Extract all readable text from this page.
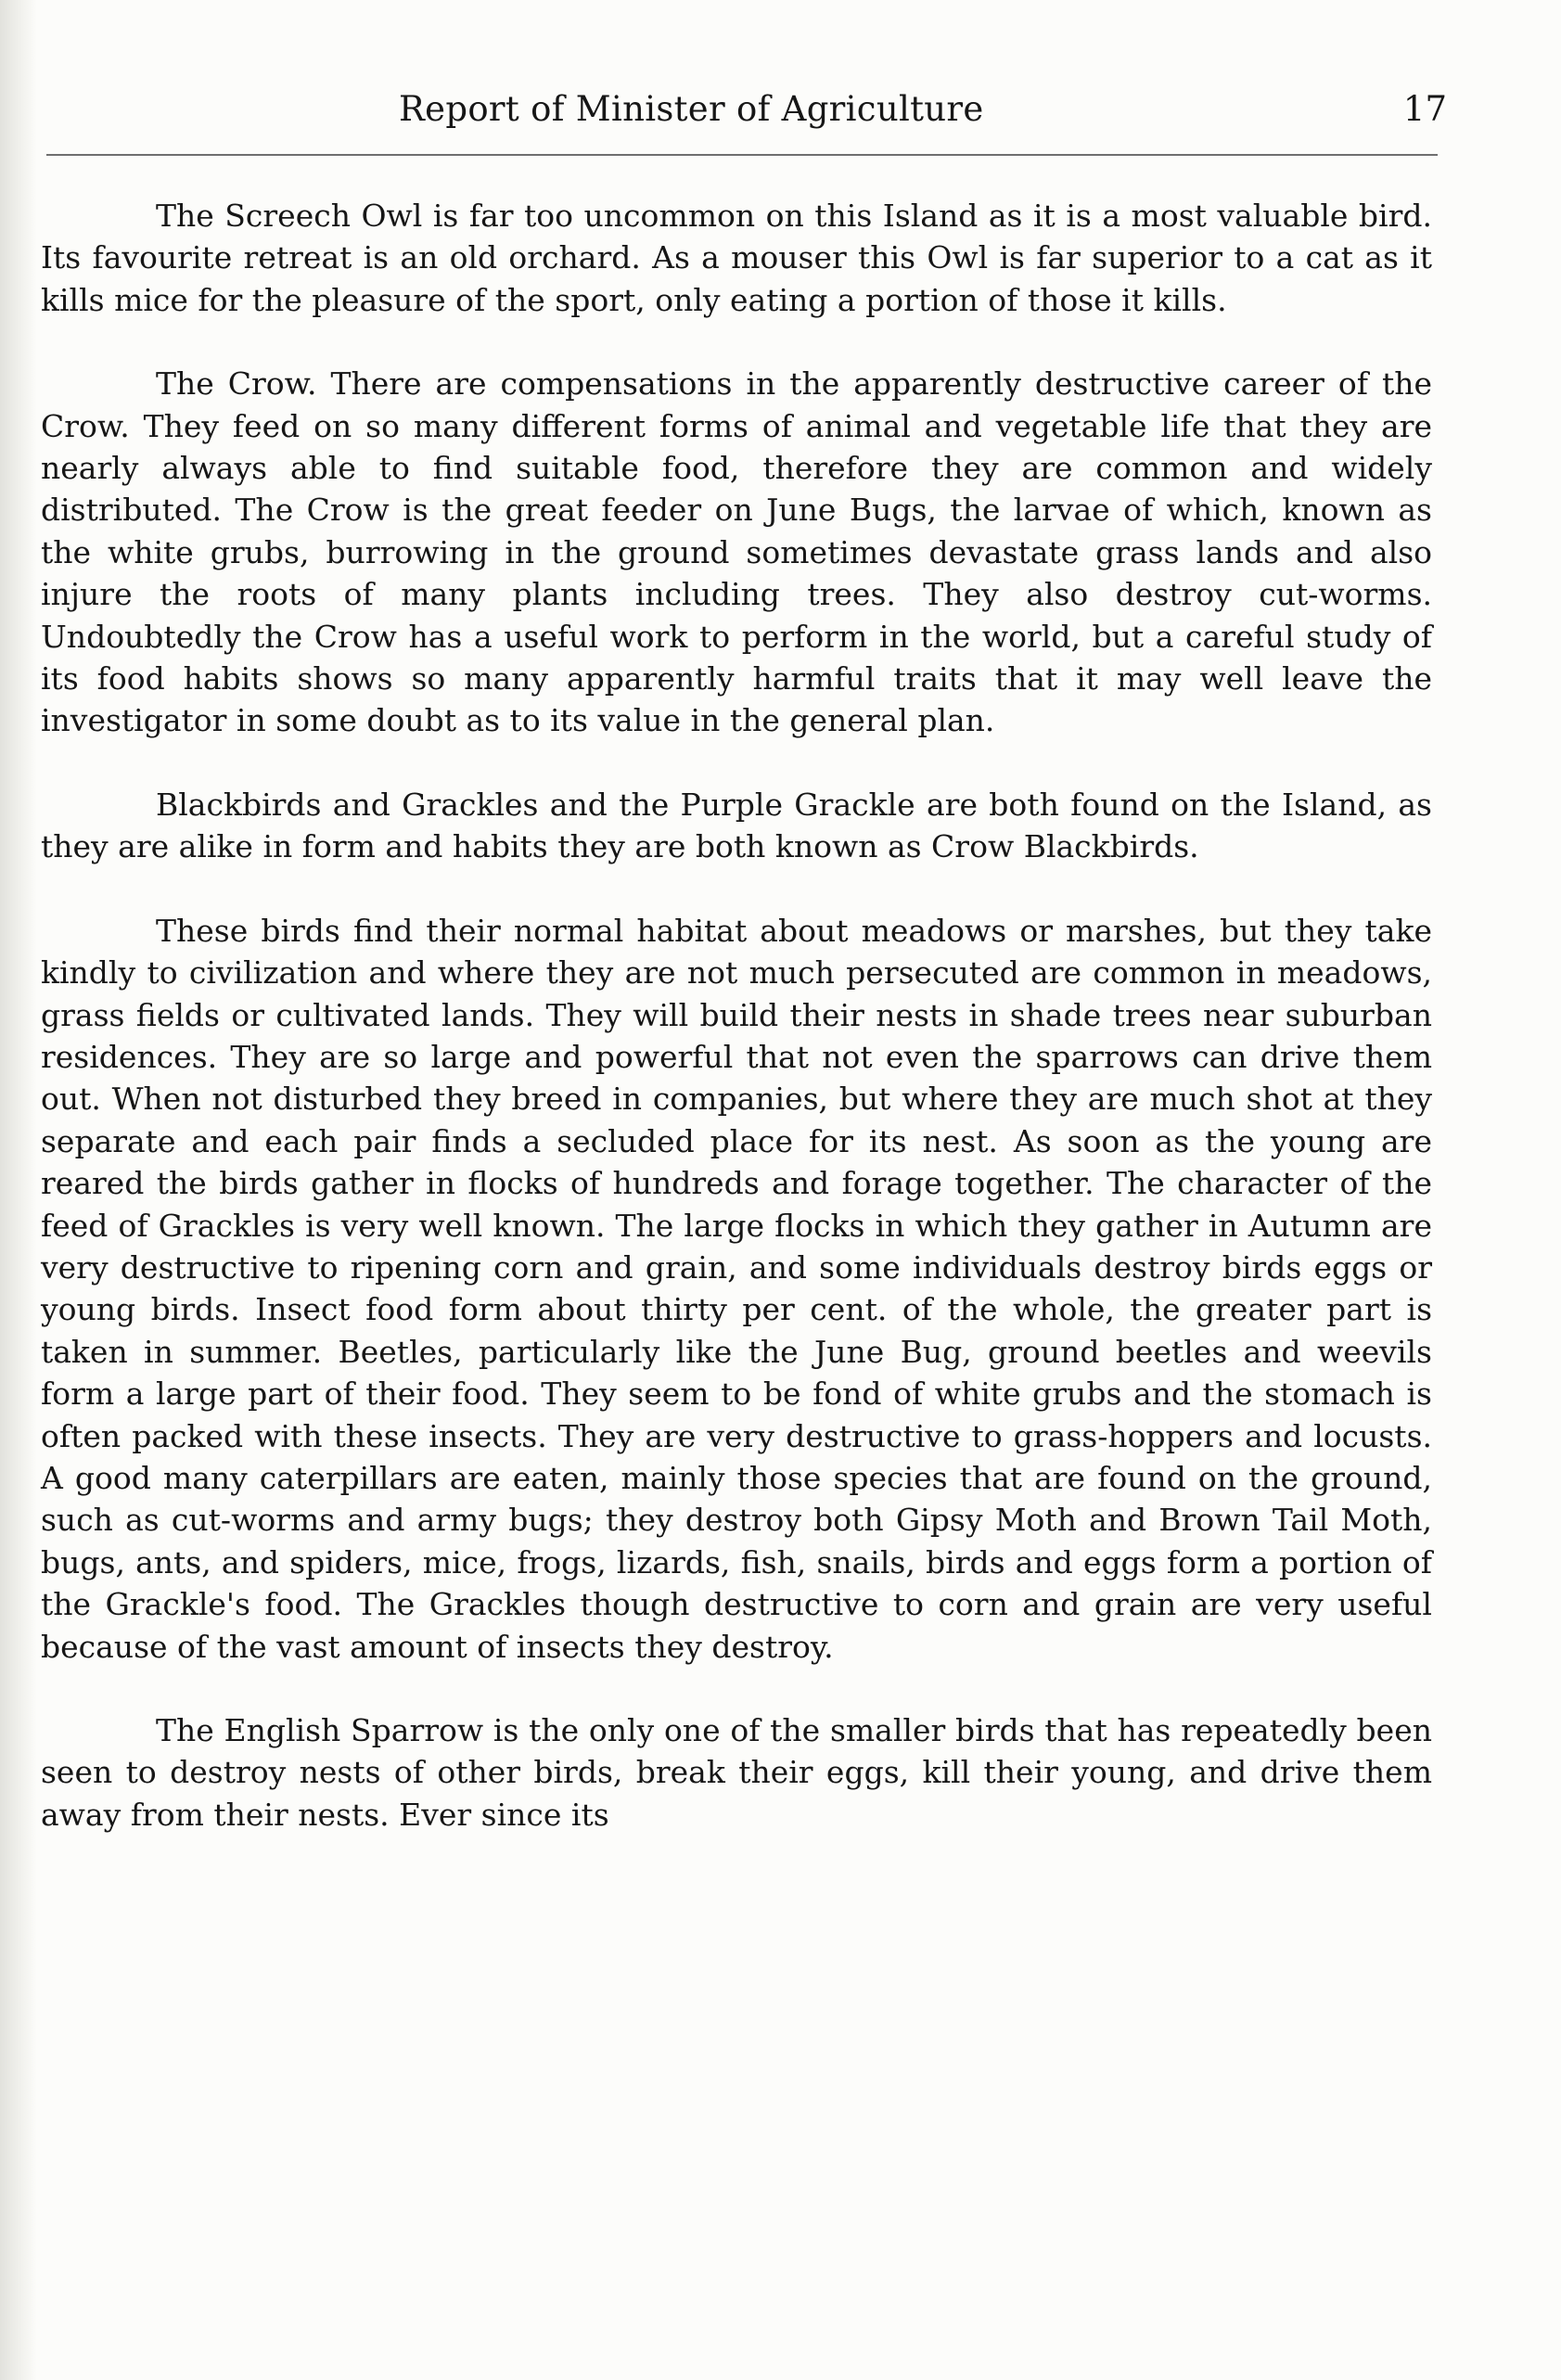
Report of Minister of Agriculture	17

The Screech Owl is far too uncommon on this Island as it is a most valuable bird. Its favourite retreat is an old orchard. As a mouser this Owl is far superior to a cat as it kills mice for the pleasure of the sport, only eating a portion of those it kills.

The Crow. There are compensations in the apparently destructive career of the Crow. They feed on so many different forms of animal and vegetable life that they are nearly always able to find suitable food, therefore they are common and widely distributed. The Crow is the great feeder on June Bugs, the larvae of which, known as the white grubs, burrowing in the ground sometimes devastate grass lands and also injure the roots of many plants including trees. They also destroy cut-worms. Undoubtedly the Crow has a useful work to perform in the world, but a careful study of its food habits shows so many apparently harmful traits that it may well leave the investigator in some doubt as to its value in the general plan.

Blackbirds and Grackles and the Purple Grackle are both found on the Island, as they are alike in form and habits they are both known as Crow Blackbirds.

These birds find their normal habitat about meadows or marshes, but they take kindly to civilization and where they are not much persecuted are common in meadows, grass fields or cultivated lands. They will build their nests in shade trees near suburban residences. They are so large and powerful that not even the sparrows can drive them out. When not disturbed they breed in companies, but where they are much shot at they separate and each pair finds a secluded place for its nest. As soon as the young are reared the birds gather in flocks of hundreds and forage together. The character of the feed of Grackles is very well known. The large flocks in which they gather in Autumn are very destructive to ripening corn and grain, and some individuals destroy birds eggs or young birds. Insect food form about thirty per cent. of the whole, the greater part is taken in summer. Beetles, particularly like the June Bug, ground beetles and weevils form a large part of their food. They seem to be fond of white grubs and the stomach is often packed with these insects. They are very destructive to grass-hoppers and locusts. A good many caterpillars are eaten, mainly those species that are found on the ground, such as cut-worms and army bugs; they destroy both Gipsy Moth and Brown Tail Moth, bugs, ants, and spiders, mice, frogs, lizards, fish, snails, birds and eggs form a portion of the Grackle's food. The Grackles though destructive to corn and grain are very useful because of the vast amount of insects they destroy.

The English Sparrow is the only one of the smaller birds that has repeatedly been seen to destroy nests of other birds, break their eggs, kill their young, and drive them away from their nests. Ever since its
